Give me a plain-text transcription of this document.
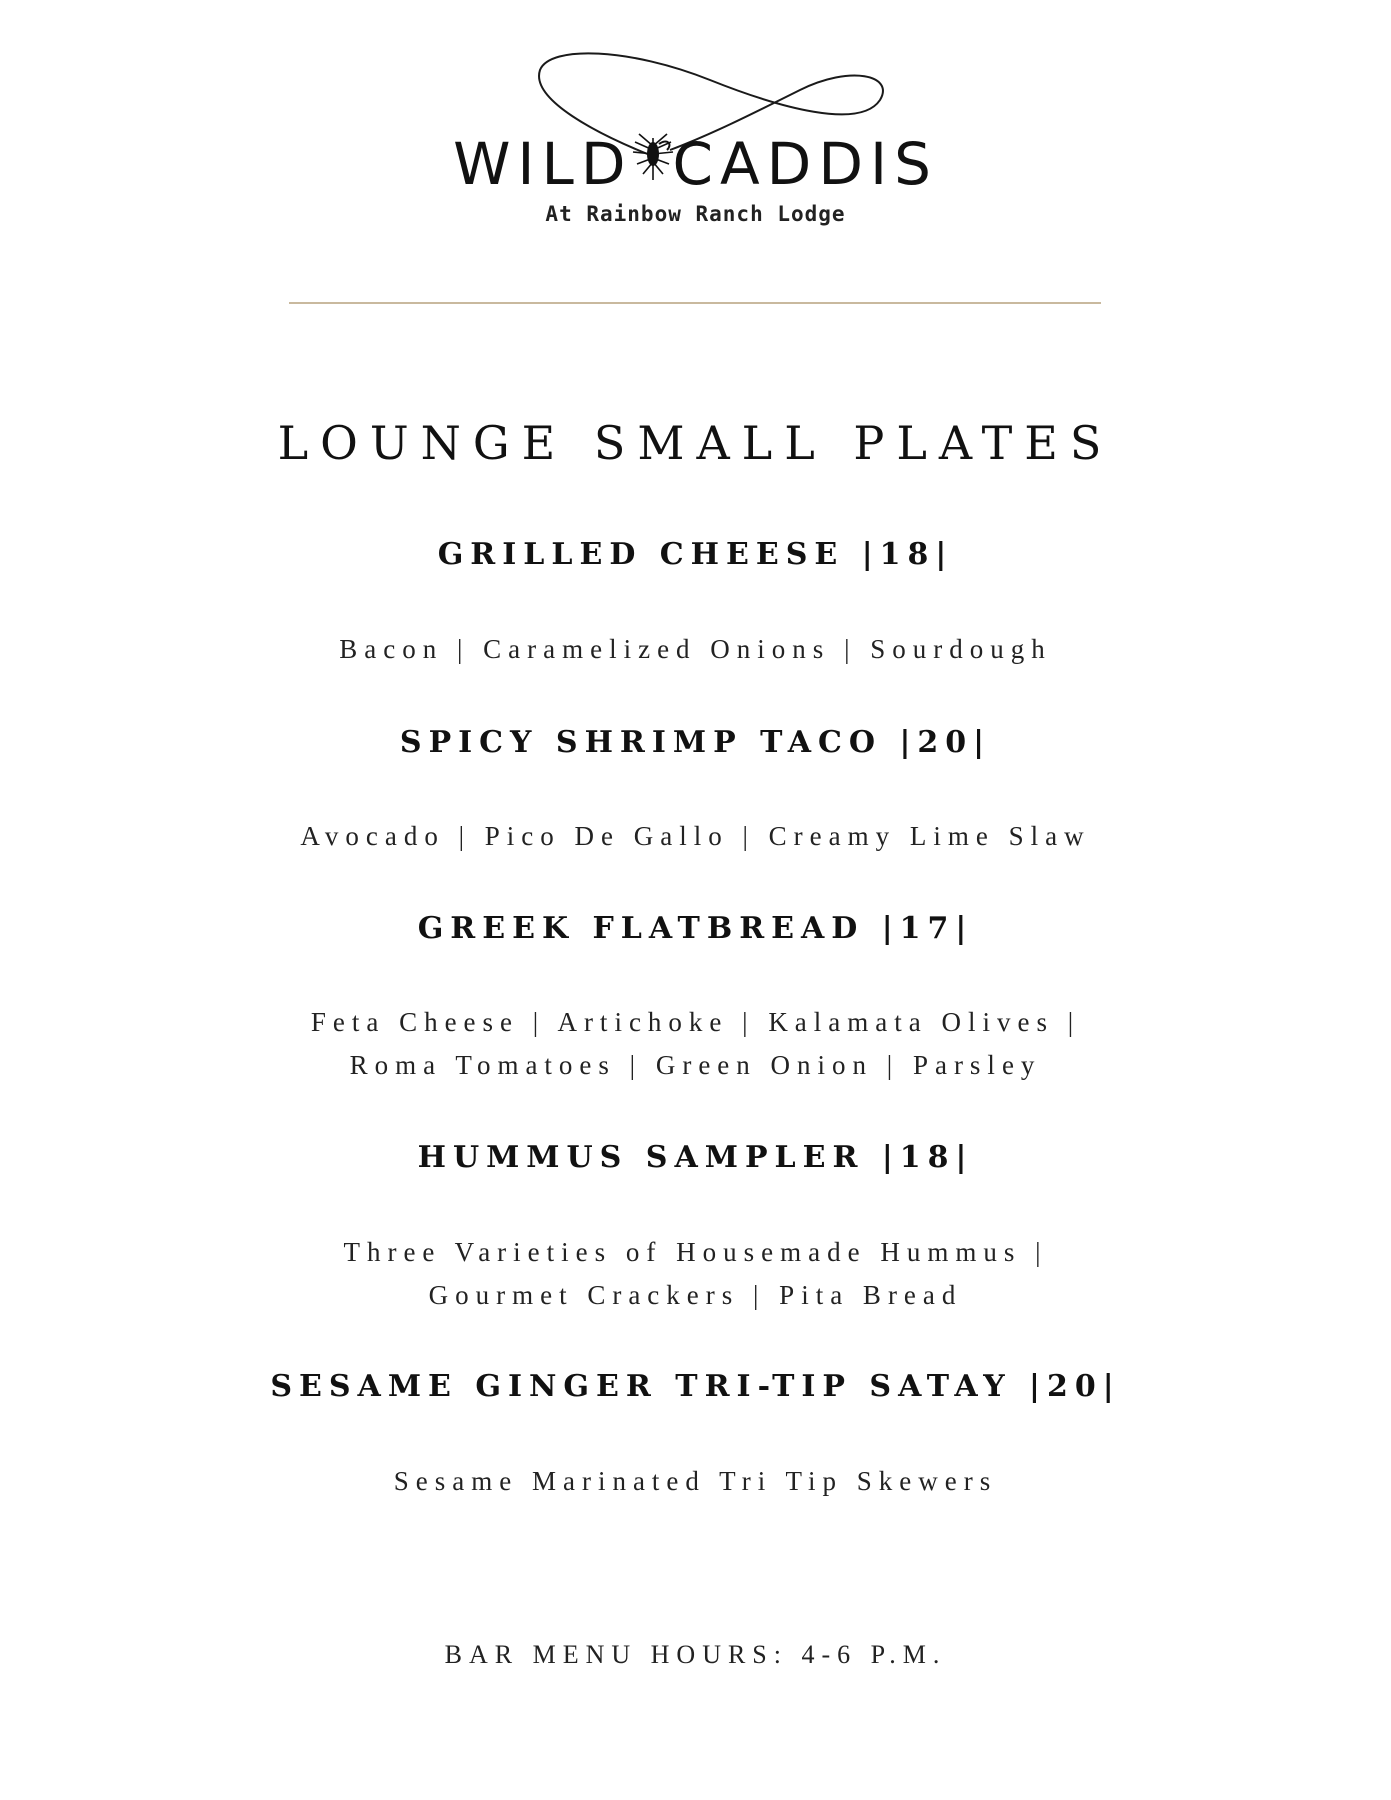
WILD CADDIS
At Rainbow Ranch Lodge
LOUNGE SMALL PLATES
GRILLED CHEESE |18|
Bacon | Caramelized Onions | Sourdough
SPICY SHRIMP TACO |20|
Avocado | Pico De Gallo | Creamy Lime Slaw
GREEK FLATBREAD |17|
Feta Cheese | Artichoke | Kalamata Olives |
Roma Tomatoes | Green Onion | Parsley
HUMMUS SAMPLER |18|
Three Varieties of Housemade Hummus |
Gourmet Crackers | Pita Bread
SESAME GINGER TRI-TIP SATAY |20|
Sesame Marinated Tri Tip Skewers
BAR MENU HOURS: 4-6 P.M.
